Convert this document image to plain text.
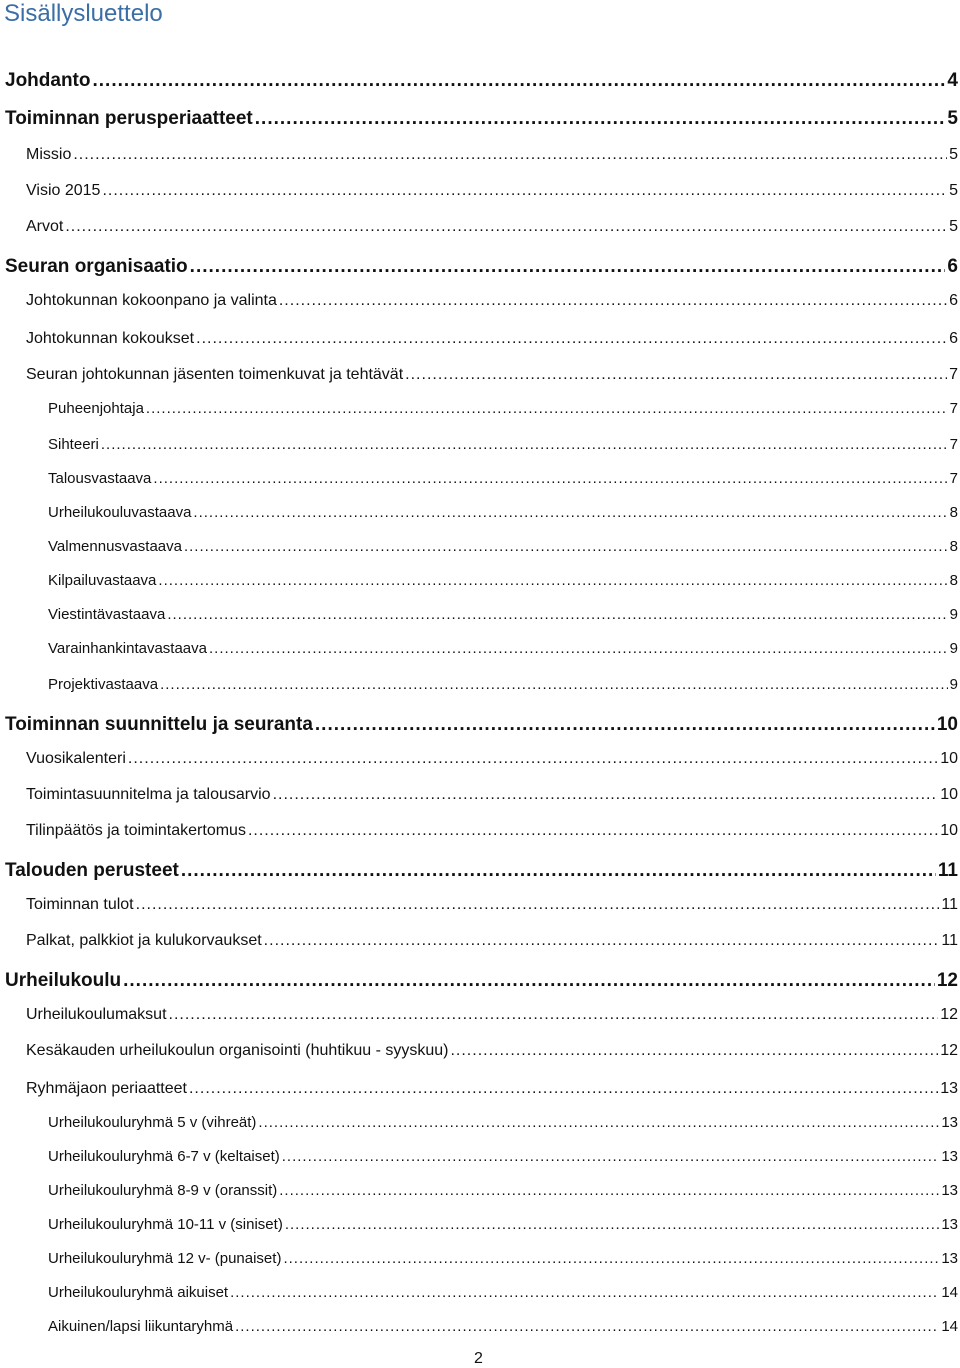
Sisällysluettelo
Johdanto .....	4
Toiminnan perusperiaatteet .....	5
Missio .....	5
Visio 2015 .....	5
Arvot .....	5
Seuran organisaatio .....	6
Johtokunnan kokoonpano ja valinta .....	6
Johtokunnan kokoukset .....	6
Seuran johtokunnan jäsenten toimenkuvat ja tehtävät .....	7
Puheenjohtaja .....	7
Sihteeri .....	7
Talousvastaava .....	7
Urheilukouluvastaava .....	8
Valmennusvastaava .....	8
Kilpailuvastaava .....	8
Viestintävastaava .....	9
Varainhankintavastaava .....	9
Projektivastaava .....	9
Toiminnan suunnittelu ja seuranta .....	10
Vuosikalenteri .....	10
Toimintasuunnitelma ja talousarvio .....	10
Tilinpäätös ja toimintakertomus .....	10
Talouden perusteet .....	11
Toiminnan tulot .....	11
Palkat, palkkiot ja kulukorvaukset .....	11
Urheilukoulu .....	12
Urheilukoulumaksut .....	12
Kesäkauden urheilukoulun organisointi (huhtikuu - syyskuu) .....	12
Ryhmäjaon periaatteet .....	13
Urheilukouluryhmä 5 v (vihreät) .....	13
Urheilukouluryhmä 6-7 v (keltaiset) .....	13
Urheilukouluryhmä 8-9 v (oranssit) .....	13
Urheilukouluryhmä 10-11 v (siniset) .....	13
Urheilukouluryhmä 12 v- (punaiset) .....	13
Urheilukouluryhmä aikuiset .....	14
Aikuinen/lapsi liikuntaryhmä .....	14
2
